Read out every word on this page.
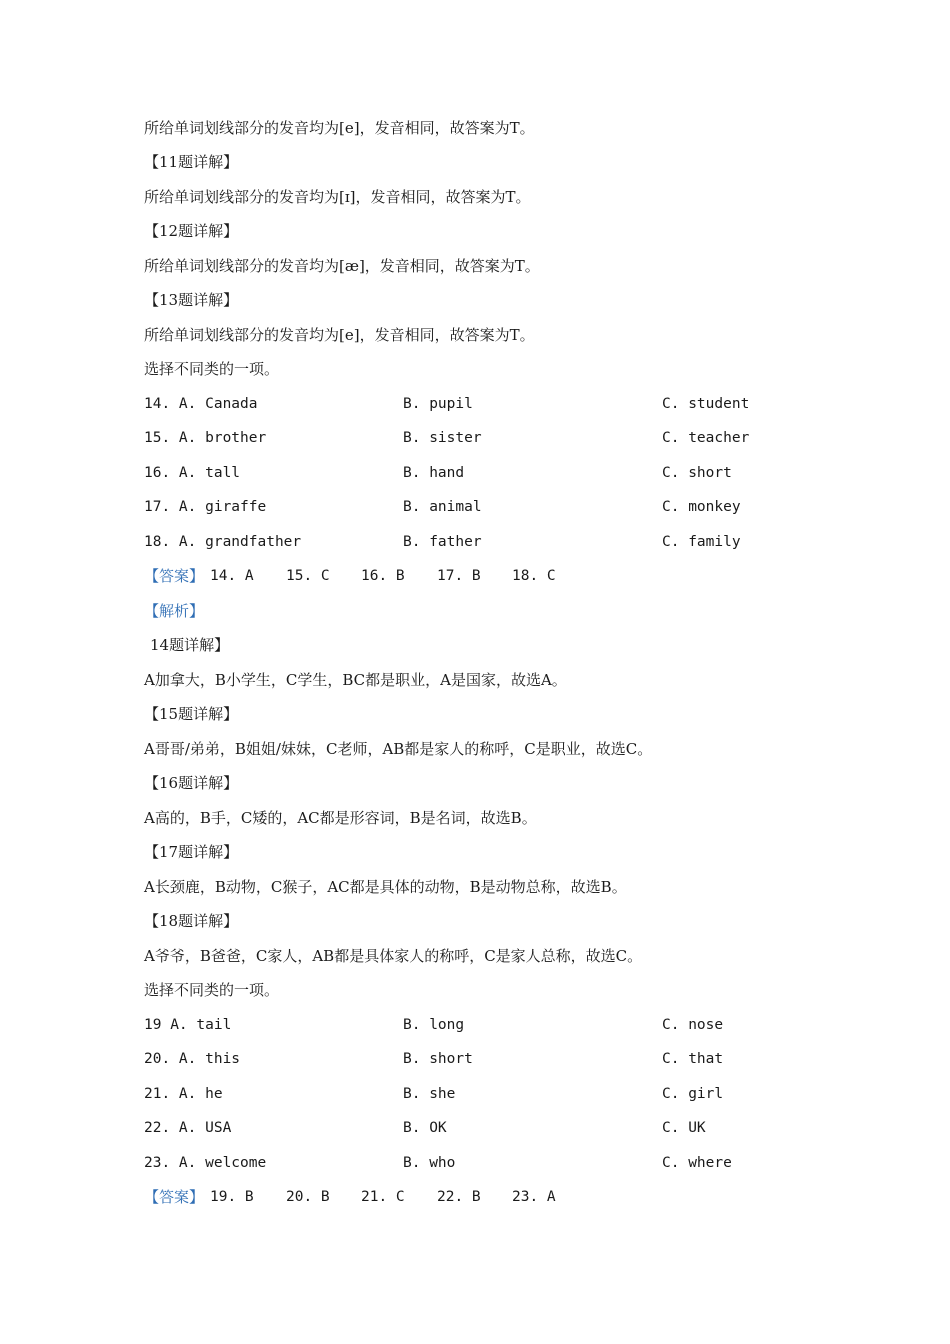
所给单词划线部分的发音均为[e]，发音相同，故答案为T。
【11题详解】
所给单词划线部分的发音均为[ɪ]，发音相同，故答案为T。
【12题详解】
所给单词划线部分的发音均为[æ]，发音相同，故答案为T。
【13题详解】
所给单词划线部分的发音均为[e]，发音相同，故答案为T。
选择不同类的一项。
14. A. Canada	B. pupil	C. student
15. A. brother	B. sister	C. teacher
16. A. tall	B. hand	C. short
17. A. giraffe	B. animal	C. monkey
18. A. grandfather	B. father	C. family
【答案】 14. A 15. C 16. B 17. B 18. C
【解析】
14题详解】
A加拿大，B小学生，C学生，BC都是职业，A是国家，故选A。
【15题详解】
A哥哥/弟弟，B姐姐/妹妹，C老师，AB都是家人的称呼，C是职业，故选C。
【16题详解】
A高的，B手，C矮的，AC都是形容词，B是名词，故选B。
【17题详解】
A长颈鹿，B动物，C猴子，AC都是具体的动物，B是动物总称，故选B。
【18题详解】
A爷爷，B爸爸，C家人，AB都是具体家人的称呼，C是家人总称，故选C。
选择不同类的一项。
19 A. tail	B. long	C. nose
20. A. this	B. short	C. that
21. A. he	B. she	C. girl
22. A. USA	B. OK	C. UK
23. A. welcome	B. who	C. where
【答案】 19. B 20. B 21. C 22. B 23. A
